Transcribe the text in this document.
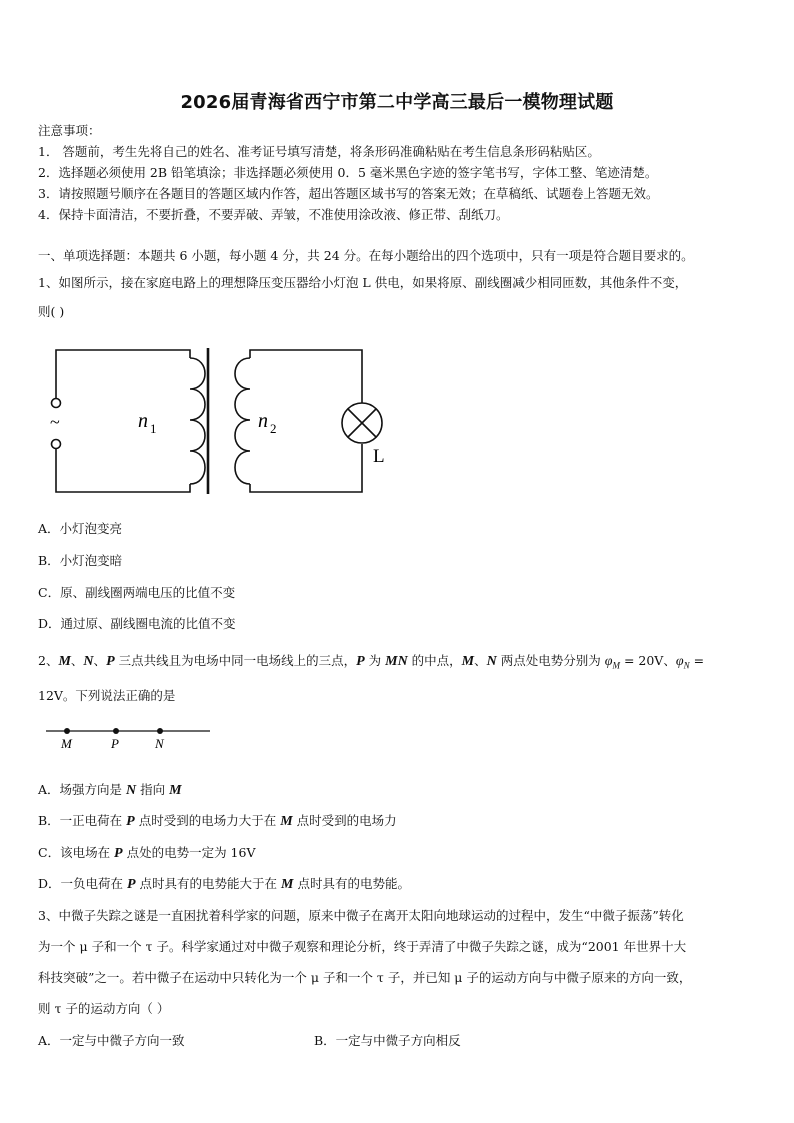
2026届青海省西宁市第二中学高三最后一模物理试题
注意事项：
1． 答题前，考生先将自己的姓名、准考证号填写清楚，将条形码准确粘贴在考生信息条形码粘贴区。
2．选择题必须使用 2B 铅笔填涂；非选择题必须使用 0．5 毫米黑色字迹的签字笔书写，字体工整、笔迹清楚。
3．请按照题号顺序在各题目的答题区域内作答，超出答题区域书写的答案无效；在草稿纸、试题卷上答题无效。
4．保持卡面清洁，不要折叠，不要弄破、弄皱，不准使用涂改液、修正带、刮纸刀。
一、单项选择题：本题共 6 小题，每小题 4 分，共 24 分。在每小题给出的四个选项中，只有一项是符合题目要求的。
1、如图所示，接在家庭电路上的理想降压变压器给小灯泡 L 供电，如果将原、副线圈减少相同匝数，其他条件不变，
则( )
~	n 1	n 2
L
A．小灯泡变亮
B．小灯泡变暗
C．原、副线圈两端电压的比值不变
D．通过原、副线圈电流的比值不变
2、M、N、P 三点共线且为电场中同一电场线上的三点，P 为 MN 的中点，M、N 两点处电势分别为 $\varphi_M = 20V$、$\varphi_N$ =
12V。下列说法正确的是
M	P	N
A．场强方向是 N 指向 M
B．一正电荷在 P 点时受到的电场力大于在 M 点时受到的电场力
C．该电场在 P 点处的电势一定为 16V
D．一负电荷在 P 点时具有的电势能大于在 M 点时具有的电势能。
3、中微子失踪之谜是一直困扰着科学家的问题，原来中微子在离开太阳向地球运动的过程中，发生“中微子振荡”转化
为一个 μ 子和一个 τ 子。科学家通过对中微子观察和理论分析，终于弄清了中微子失踪之谜，成为“2001 年世界十大
科技突破”之一。若中微子在运动中只转化为一个 μ 子和一个 τ 子，并已知 μ 子的运动方向与中微子原来的方向一致，
则 τ 子的运动方向（ ）
A．一定与中微子方向一致	B．一定与中微子方向相反
